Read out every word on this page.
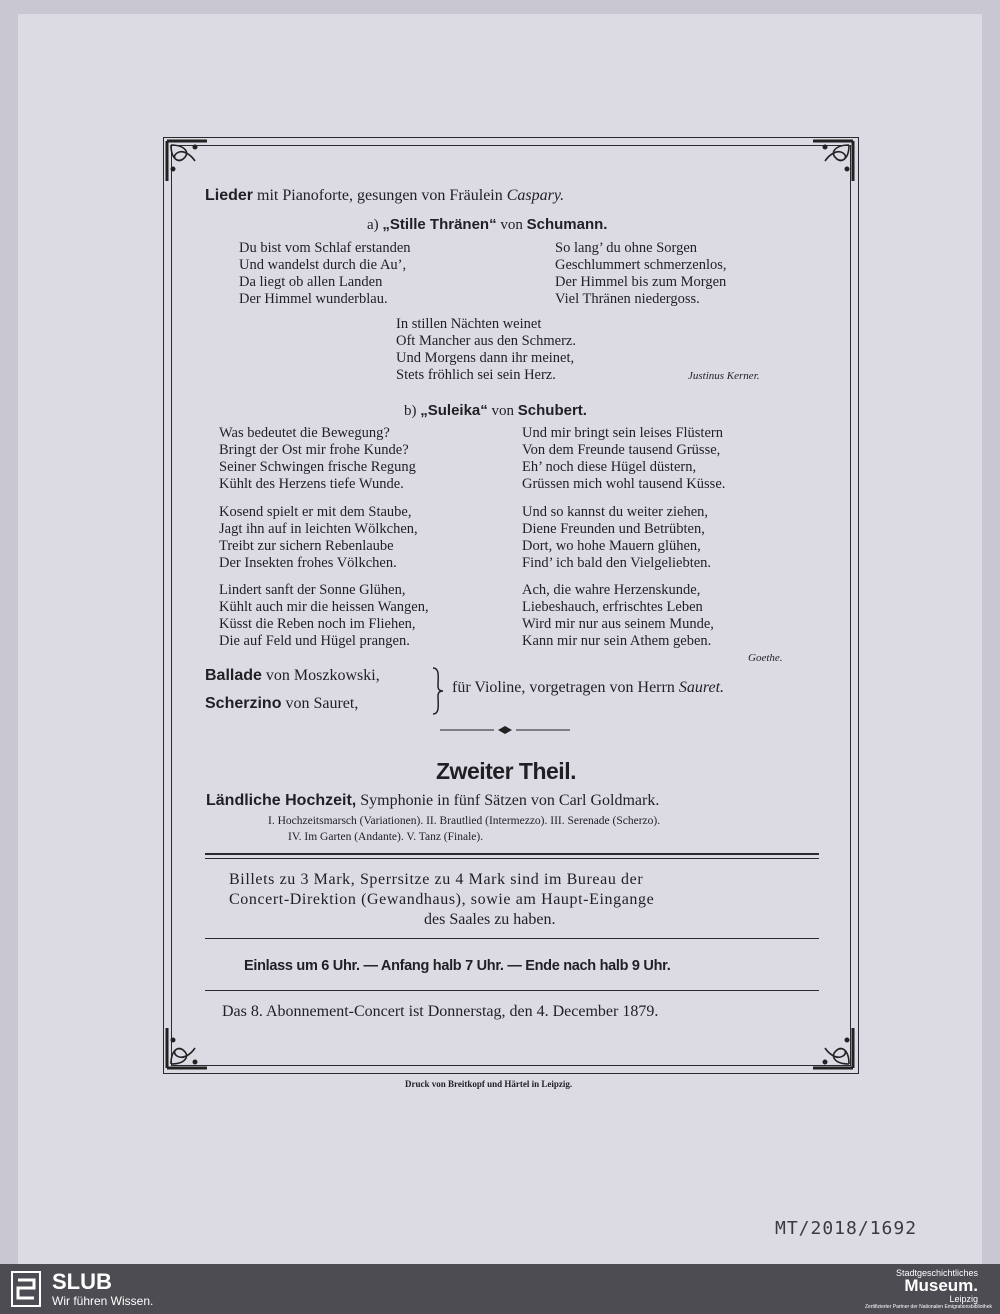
Lieder mit Pianoforte, gesungen von Fräulein Caspary.
a) „Stille Thränen“ von Schumann.
Du bist vom Schlaf erstanden
Und wandelst durch die Au’,
Da liegt ob allen Landen
Der Himmel wunderblau.
So lang’ du ohne Sorgen
Geschlummert schmerzenlos,
Der Himmel bis zum Morgen
Viel Thränen niedergoss.
In stillen Nächten weinet
Oft Mancher aus den Schmerz.
Und Morgens dann ihr meinet,
Stets fröhlich sei sein Herz.	Justinus Kerner.
b) „Suleika“ von Schubert.
Was bedeutet die Bewegung?
Bringt der Ost mir frohe Kunde?
Seiner Schwingen frische Regung
Kühlt des Herzens tiefe Wunde.
Und mir bringt sein leises Flüstern
Von dem Freunde tausend Grüsse,
Eh’ noch diese Hügel düstern,
Grüssen mich wohl tausend Küsse.
Kosend spielt er mit dem Staube,
Jagt ihn auf in leichten Wölkchen,
Treibt zur sichern Rebenlaube
Der Insekten frohes Völkchen.
Und so kannst du weiter ziehen,
Diene Freunden und Betrübten,
Dort, wo hohe Mauern glühen,
Find’ ich bald den Vielgeliebten.
Lindert sanft der Sonne Glühen,
Kühlt auch mir die heissen Wangen,
Küsst die Reben noch im Fliehen,
Die auf Feld und Hügel prangen.
Ach, die wahre Herzenskunde,
Liebeshauch, erfrischtes Leben
Wird mir nur aus seinem Munde,
Kann mir nur sein Athem geben.
Goethe.
Ballade von Moszkowski,
Scherzino von Sauret,
für Violine, vorgetragen von Herrn Sauret.
Zweiter Theil.
Ländliche Hochzeit, Symphonie in fünf Sätzen von Carl Goldmark.
I. Hochzeitsmarsch (Variationen). II. Brautlied (Intermezzo). III. Serenade (Scherzo).
IV. Im Garten (Andante). V. Tanz (Finale).
Billets zu 3 Mark, Sperrsitze zu 4 Mark sind im Bureau der
Concert-Direktion (Gewandhaus), sowie am Haupt-Eingange
des Saales zu haben.
Einlass um 6 Uhr. — Anfang halb 7 Uhr. — Ende nach halb 9 Uhr.
Das 8. Abonnement-Concert ist Donnerstag, den 4. December 1879.
Druck von Breitkopf und Härtel in Leipzig.
MT/2018/1692
SLUB
Wir führen Wissen.
Stadtgeschichtliches
Museum.
Leipzig
Zertifizierter Partner der Nationalen Emigrationsbibliothek
